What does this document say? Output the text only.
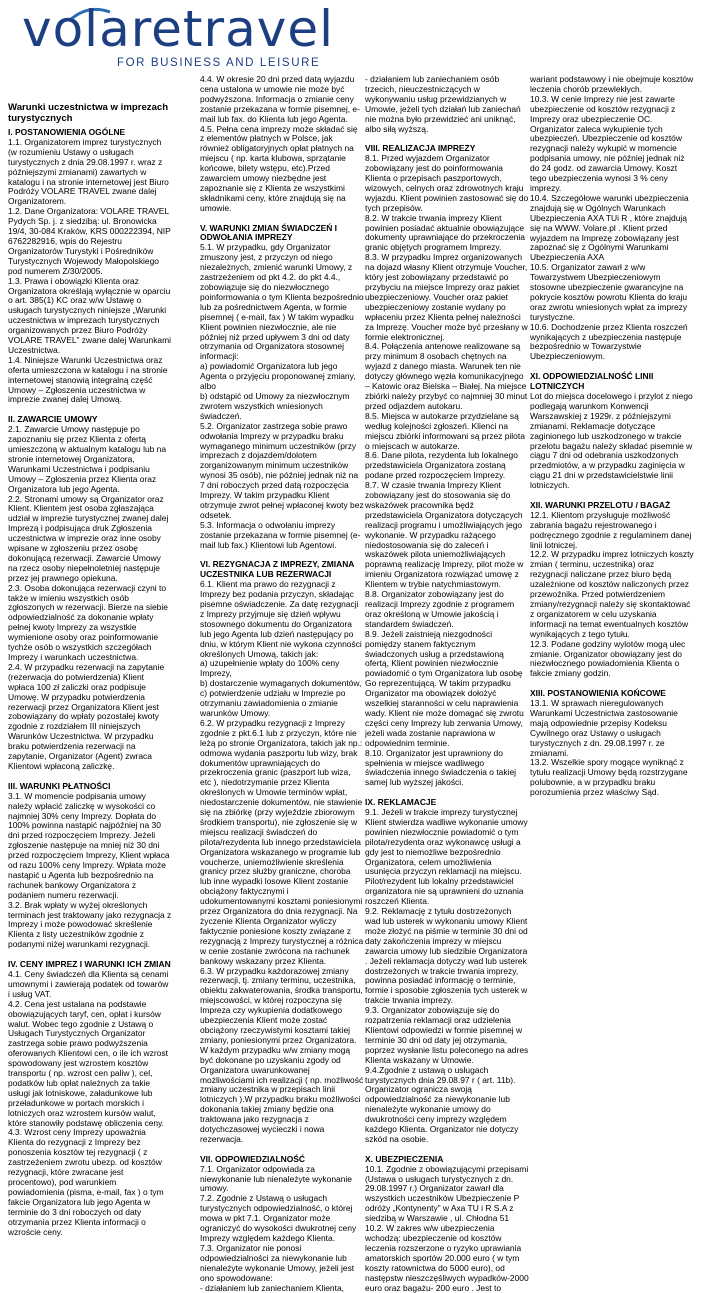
volaretravel
FOR BUSINESS AND LEISURE

Warunki uczestnictwa w imprezach turystycznych

I. POSTANOWIENIA OGÓLNE

1.1. Organizatorem imprez turystycznych (w rozumieniu Ustawy o usługach turystycznych z dnia 29.08.1997 r. wraz z późniejszymi zmianami) zawartych w katalogu i na stronie internetowej jest Biuro Podróży VOLARE TRAVEL zwane dalej Organizatorem.

1.2. Dane Organizatora: VOLARE TRAVEL Pydych Sp. j. z siedzibą: ul. Bronowicka 19/4, 30-084 Kraków, KRS 000222394, NIP 6762282916, wpis do Rejestru Organizatorów Turystyki i Pośredników Turystycznych Wojewody Małopolskiego pod numerem Z/30/2005.

1.3. Prawa i obowiązki Klienta oraz Organizatora określają wyłącznie w oparciu o art. 385(1) KC oraz w/w Ustawę o usługach turystycznych niniejsze „Warunki uczestnictwa w imprezach turystycznych organizowanych przez Biuro Podróży VOLARE TRAVEL” zwane dalej Warunkami Uczestnictwa.

1.4. Niniejsze Warunki Uczestnictwa oraz oferta umieszczona w katalogu i na stronie internetowej stanowią integralną część Umowy – Zgłoszenia uczestnictwa w imprezie zwanej dalej Umową.

II. ZAWARCIE UMOWY

2.1. Zawarcie Umowy następuje po zapoznaniu się przez Klienta z ofertą umieszczoną w aktualnym katalogu lub na stronie internetowej Organizatora, Warunkami Uczestnictwa i podpisaniu Umowy – Zgłoszenia przez Klienta oraz Organizatora lub jego Agenta.

2.2. Stronami umowy są Organizator oraz Klient. Klientem jest osoba zgłaszająca udział w imprezie turystycznej zwanej dalej Imprezą i podpisująca druk Zgłoszenia uczestnictwa w imprezie oraz inne osoby wpisane w zgłoszeniu przez osobę dokonującą rezerwacji. Zawarcie Umowy na rzecz osoby niepełnoletniej następuje przez jej prawnego opiekuna.

2.3. Osoba dokonująca rezerwacji czyni to także w imieniu wszystkich osób zgłoszonych w rezerwacji. Bierze na siebie odpowiedzialność za dokonanie wpłaty pełnej kwoty Imprezy za wszystkie wymienione osoby oraz poinformowanie tychże osób o wszystkich szczegółach Imprezy i warunkach uczestnictwa.

2.4. W przypadku rezerwacji na zapytanie (rezerwacja do potwierdzenia) Klient wpłaca 100 zł zaliczki oraz podpisuje Umowę. W przypadku potwierdzenia rezerwacji przez Organizatora Klient jest zobowiązany do wpłaty pozostałej kwoty zgodnie z rozdziałem III niniejszych Warunków Uczestnictwa. W przypadku braku potwierdzenia rezerwacji na zapytanie, Organizator (Agent) zwraca Klientowi wpłaconą zaliczkę.

III. WARUNKI PŁATNOŚCI

3.1. W momencie podpisania umowy należy wpłacić zaliczkę w wysokości co najmniej 30% ceny Imprezy. Dopłata do 100% powinna nastąpić najpóźniej na 30 dni przed rozpoczęciem Imprezy. Jeżeli zgłoszenie następuje na mniej niż 30 dni przed rozpoczęciem Imprezy, Klient wpłaca od razu 100% ceny Imprezy. Wpłata może nastąpić u Agenta lub bezpośrednio na rachunek bankowy Organizatora z podaniem numeru rezerwacji.

3.2. Brak wpłaty w wyżej określonych terminach jest traktowany jako rezygnacja z Imprezy i może powodować skreślenie Klienta z listy uczestników zgodnie z podanymi niżej warunkami rezygnacji.

IV. CENY IMPREZ I WARUNKI ICH ZMIAN

4.1. Ceny świadczeń dla Klienta są cenami umownymi i zawierają podatek od towarów i usług VAT.

4.2. Cena jest ustalana na podstawie obowiązujących taryf, cen, opłat i kursów walut. Wobec tego zgodnie z Ustawą o Usługach Turystycznych Organizator zastrzega sobie prawo podwyższenia oferowanych Klientowi cen, o ile ich wzrost spowodowany jest wzrostem kosztów transportu ( np. wzrost cen paliw ), cel, podatków lub opłat należnych za takie usługi jak lotniskowe, załadunkowe lub przeładunkowe w portach morskich i lotniczych oraz wzrostem kursów walut, które stanowiły podstawę obliczenia ceny.

4.3. Wzrost ceny Imprezy upoważnia Klienta do rezygnacji z Imprezy bez ponoszenia kosztów tej rezygnacji ( z zastrzeżeniem zwrotu ubezp. od kosztów rezygnacji, które zwracane jest procentowo), pod warunkiem powiadomienia (pisma, e-mail, fax ) o tym fakcie Organizatora lub jego Agenta w terminie do 3 dni roboczych od daty otrzymania przez Klienta informacji o wzroście ceny.

4.4. W okresie 20 dni przed datą wyjazdu cena ustalona w umowie nie może być podwyższona. Informacja o zmianie ceny zostanie przekazana w formie pisemnej, e-mail lub fax. do Klienta lub jego Agenta.

4.5. Pełna cena imprezy może składać się z elementów płatnych w Polsce, jak również obligatoryjnych opłat płatnych na miejscu ( np. karta klubowa, sprzątanie końcowe, bilety wstępu, etc).Przed zawarciem umowy niezbędne jest zapoznanie się z Klienta ze wszystkimi składnikami ceny, które znajdują się na umowie.

V. WARUNKI ZMIAN ŚWIADCZEŃ I ODWOŁANIA IMPREZY

5.1. W przypadku, gdy Organizator zmuszony jest, z przyczyn od niego niezależnych, zmienić warunki Umowy, z zastrzeżeniem od pkt 4.2. do pkt 4.4., zobowiązuje się do niezwłocznego poinformowania o tym Klienta bezpośrednio lub za pośrednictwem Agenta, w formie pisemnej ( e-mail, fax ) W takim wypadku Klient powinien niezwłocznie, ale nie później niż przed upływem 3 dni od daty otrzymania od Organizatora stosownej informacji:

a) powiadomić Organizatora lub jego Agenta o przyjęciu proponowanej zmiany, albo

b) odstąpić od Umowy za niezwłocznym zwrotem wszystkich wniesionych świadczeń.

5.2. Organizator zastrzega sobie prawo odwołania Imprezy w przypadku braku wymaganego minimum uczestników (przy imprezach z dojazdem/dolotem zorganizowanym minimum uczestników wynosi 35 osób), nie później jednak niż na 7 dni roboczych przed datą rozpoczęcia Imprezy. W takim przypadku Klient otrzymuje zwrot pełnej wpłaconej kwoty bez odsetek.

5.3. Informacja o odwołaniu imprezy zostanie przekazana w formie pisemnej (e-mail lub fax.) Klientowi lub Agentowi.

VI. REZYGNACJA Z IMPREZY, ZMIANA UCZESTNIKA LUB REZERWACJI

6.1. Klient ma prawo do rezygnacji z Imprezy bez podania przyczyn, składając pisemne oświadczenie. Za datę rezygnacji z Imprezy przyjmuje się dzień wpływu stosownego dokumentu do Organizatora lub jego Agenta lub dzień następujący po dniu, w którym Klient nie wykona czynności określonych Umową, takich jak:

a) uzupełnienie wpłaty do 100% ceny Imprezy,

b) dostarczenie wymaganych dokumentów,

c) potwierdzenie udziału w Imprezie po otrzymaniu zawiadomienia o zmianie warunków Umowy.

6.2. W przypadku rezygnacji z Imprezy zgodnie z pkt.6.1 lub z przyczyn, które nie leżą po stronie Organizatora, takich jak np.: odmowa wydania paszportu lub wizy, brak dokumentów uprawniających do przekroczenia granic (paszport lub wiza, etc ), niedotrzymanie przez Klienta określonych w Umowie terminów wpłat, niedostarczenie dokumentów, nie stawienie się na zbiórkę (przy wyjeździe zbiorowym środkiem transportu), nie zgłoszenie się w miejscu realizacji świadczeń do pilota/rezydenta lub innego przedstawiciela Organizatora wskazanego w programie lub voucherze, uniemożliwienie skreślenia granicy przez służby graniczne, choroba lub inne wypadki losowe Klient zostanie obciążony faktycznymi i udokumentowanymi kosztami poniesionymi przez Organizatora do dnia rezygnacji. Na życzenie Klienta Organizator wyliczy faktycznie poniesione koszty związane z rezygnacją z Imprezy turystycznej a różnica w cenie zostanie zwrócona na rachunek bankowy wskazany przez Klienta.

6.3. W przypadku każdorazowej zmiany rezerwacji, tj. zmiany terminu, uczestnika, obiektu zakwaterowania, środka transportu, miejscowości, w której rozpoczyna się Impreza czy wykupienia dodatkowego ubezpieczenia Klient może zostać obciążony rzeczywistymi kosztami takiej zmiany, poniesionymi przez Organizatora. W każdym przypadku w/w zmiany mogą być dokonane po uzyskaniu zgody od Organizatora uwarunkowanej możliwościami ich realizacji ( np. możliwość zmiany uczestnika w przepisach linii lotniczych ).W przypadku braku możliwości dokonania takiej zmiany będzie ona traktowana jako rezygnacja z dotychczasowej wycieczki i nowa rezerwacja.

VII. ODPOWIEDZIALNOŚĆ

7.1. Organizator odpowiada za niewykonanie lub nienależyte wykonanie umowy.

7.2. Zgodnie z Ustawą o usługach turystycznych odpowiedzialność, o której mowa w pkt 7.1. Organizator może ograniczyć do wysokości dwukrotnej ceny Imprezy względem każdego Klienta.

7.3. Organizator nie ponosi odpowiedzialności za niewykonanie lub nienależyte wykonanie Umowy, jeżeli jest ono spowodowane:

- działaniem lub zaniechaniem Klienta,

- działaniem lub zaniechaniem osób trzecich, nieuczestniczących w wykonywaniu usług przewidzianych w Umowie, jeżeli tych działań lub zaniechań nie można było przewidzieć ani uniknąć, albo siłą wyższą.

VIII. REALIZACJA IMPREZY

8.1. Przed wyjazdem Organizator zobowiązany jest do poinformowania Klienta o przepisach paszportowych, wizowych, celnych oraz zdrowotnych kraju wyjazdu. Klient powinien zastosować się do tych przepisów.

8.2. W trakcie trwania imprezy Klient powinien posiadać aktualnie obowiązujące dokumenty uprawniające do przekroczenia granic objętych programem Imprezy.

8.3. W przypadku Imprez organizowanych na dojazd własny Klient otrzymuje Voucher, który jest zobowiązany przedstawić po przybyciu na miejsce Imprezy oraz pakiet ubezpieczeniowy. Voucher oraz pakiet ubezpieczeniowy zostanie wydany po wpłaceniu przez Klienta pełnej należności za Imprezę. Voucher może być przesłany w formie elektronicznej.

8.4. Połączenia antenowe realizowane są przy minimum 8 osobach chętnych na wyjazd z danego miasta. Warunek ten nie dotyczy głównego węzła komunikacyjnego – Katowic oraz Bielska – Białej. Na miejsce zbiórki należy przybyć co najmniej 30 minut przed odjazdem autokaru.

8.5. Miejsca w autokarze przydzielane są według kolejności zgłoszeń. Klienci na miejscu zbiórki informowani są przez pilota o miejscach w autokarze.

8.6. Dane pilota, rezydenta lub lokalnego przedstawiciela Organizatora zostaną podane przed rozpoczęciem Imprezy.

8.7. W czasie trwania Imprezy Klient zobowiązany jest do stosowania się do wskazówek pracownika będź przedstawiciela Organizatora dotyczących realizacji programu i umożliwiających jego wykonanie. W przypadku rażącego niedostosowania się do zaleceń i wskazówek pilota uniemożliwiających poprawną realizację Imprezy, pilot może w imieniu Organizatora rozwiązać umowę z Klientem w trybie natychmiastowym.

8.8. Organizator zobowiązany jest do realizacji Imprezy zgodnie z programem oraz określoną w Umowie jakością i standardem świadczeń.

8.9. Jeżeli zaistnieją niezgodności pomiędzy stanem faktycznym świadczonych usług a przedstawioną ofertą, Klient powinien niezwłocznie powiadomić o tym Organizatora lub osobę Go reprezentującą. W takim przypadku Organizator ma obowiązek dołożyć wszelkiej staranności w celu naprawienia wady. Klient nie może domagać się zwrotu części ceny Imprezy lub zerwania Umowy, jeżeli wada zostanie naprawiona w odpowiednim terminie.

8.10. Organizator jest uprawniony do spełnienia w miejsce wadliwego świadczenia innego świadczenia o takiej samej lub wyższej jakości.

IX. REKLAMACJE

9.1. Jeżeli w trakcie imprezy turystycznej Klient stwierdza wadliwe wykonanie umowy powinien niezwłocznie powiadomić o tym pilota/rezydenta oraz wykonawcę usługi a gdy jest to niemożliwe bezpośrednio Organizatora, celem umożliwienia usunięcia przyczyn reklamacji na miejscu. Pilot/rezydent lub lokalny przedstawiciel organizatora nie są uprawnieni do uznania roszczeń Klienta.

9.2. Reklamację z tytułu dostrzeżonych wad lub usterek w wykonaniu umowy Klient może złożyć na piśmie w terminie 30 dni od daty zakończenia imprezy w miejscu zawarcia umowy lub siedzibie Organizatora . Jeżeli reklamacja dotyczy wad lub usterek dostrzeżonych w trakcie trwania imprezy, powinna posiadać informację o terminie, formie i sposobie zgłoszenia tych usterek w trakcie trwania imprezy.

9.3. Organizator zobowiązuje się do rozpatrzenia reklamacji oraz udzielenia Klientowi odpowiedzi w formie pisemnej w terminie 30 dni od daty jej otrzymania, poprzez wysłanie listu poleconego na adres Klienta wskazany w Umowie.

9.4.Zgodnie z ustawą o usługach turystycznych dnia 29.08.97 r ( art. 11b). Organizator ograniczа swoją odpowiedzialność za niewykonanie lub nienależyte wykonanie umowy do dwukrotności ceny imprezy względem każdego Klienta. Organizator nie dotyczy szkód na osobie.

X. UBEZPIECZENIA

10.1. Zgodnie z obowiązującymi przepisami (Ustawa o usługach turystycznych z dn. 29.08.1997 r.) Organizator zawarł dla wszystkich uczestników Ubezpieczenie P odróży „Kontynenty” w Axa TU i R S.A z siedzibą w Warszawie , ul. Chłodna 51

10.2. W zakres w/w ubezpieczenia wchodzą: ubezpieczenie od kosztów leczenia rozszerzone o ryzyko uprawiania amatorskich sportów 20.000 euro ( w tym koszty ratownictwa do 5000 euro), od następstw nieszczęśliwych wypadków-2000 euro oraz bagażu- 200 euro . Jest to

wariant podstawowy i nie obejmuje kosztów leczenia chorób przewlekłych.

10.3. W cenie Imprezy nie jest zawarte ubezpieczenie od kosztów rezygnacji z Imprezy oraz ubezpieczenie OC. Organizator zaleca wykupienie tych ubezpieczeń. Ubezpieczenie od kosztów rezygnacji należy wykupić w momencie podpisania umowy, nie później jednak niż do 24 godz. od zawarcia Umowy. Koszt tego ubezpieczenia wynosi 3 % ceny imprezy.

10.4. Szczegółowe warunki ubezpieczenia znajdują się w Ogólnych Warunkach Ubezpieczenia AXA TUi R , które znajdują się na WWW. Volare.pl . Klient przed wyjazdem na Imprezę zobowiązany jest zapoznać się z Ogólnymi Warunkami Ubezpieczenia AXA

10.5. Organizator zawarł z w/w Towarzystwem Ubezpieczeniowym stosowne ubezpieczenie gwarancyjne na pokrycie kosztów powrotu Klienta do kraju oraz zwrotu wniesionych wpłat za imprezy turystyczne.

10.6. Dochodzenie przez Klienta roszczeń wynikających z ubezpieczenia następuje bezpośrednio w Towarzystwie Ubezpieczeniowym.

XI. ODPOWIEDZIALNOŚĆ LINII LOTNICZYCH

Lot do miejsca docelowego i przylot z niego podlegają warunkom Konwencji Warszawskiej z 1929r. z późniejszymi zmianami. Reklamacje dotyczące zaginionego lub uszkodzonego w trakcie przelotu bagażu należy składać pisemnie w ciągu 7 dni od odebrania uszkodzonych przedmiotów, a w przypadku zaginięcia w ciągu 21 dni w przedstawicielstwie linii lotniczych.

XII. WARUNKI PRZELOTU / BAGAŻ

12.1. Klientom przysługuje możliwość zabrania bagażu rejestrowanego i podręcznego zgodnie z regulaminem danej linii lotniczej.

12.2. W przypadku imprez lotniczych koszty zmian ( terminu, uczestnika) oraz rezygnacji naliczane przez biuro będą uzależnione od kosztów naliczonych przez przewoźnika. Przed potwierdzeniem zmiany/rezygnacji należy się skontaktować z organizatorem w celu uzyskania informacji na temat ewentualnych kosztów wynikających z tego tytułu.

12.3. Podane godziny wylotów mogą ulec zmianie. Organizator obowiązany jest do niezwłocznego powiadomienia Klienta o fakcie zmiany godzin.

XIII. POSTANOWIENIA KOŃCOWE

13.1. W sprawach nieregulowanych Warunkami Uczestnictwa zastosowanie mają odpowiednie przepisy Kodeksu Cywilnego oraz Ustawy o usługach turystycznych z dn. 29.08.1997 r. ze zmianami.

13.2. Wszelkie spory mogące wyniknąć z tytułu realizacji Umowy będą rozstrzygane polubownie, a w przypadku braku porozumienia przez właściwy Sąd.
